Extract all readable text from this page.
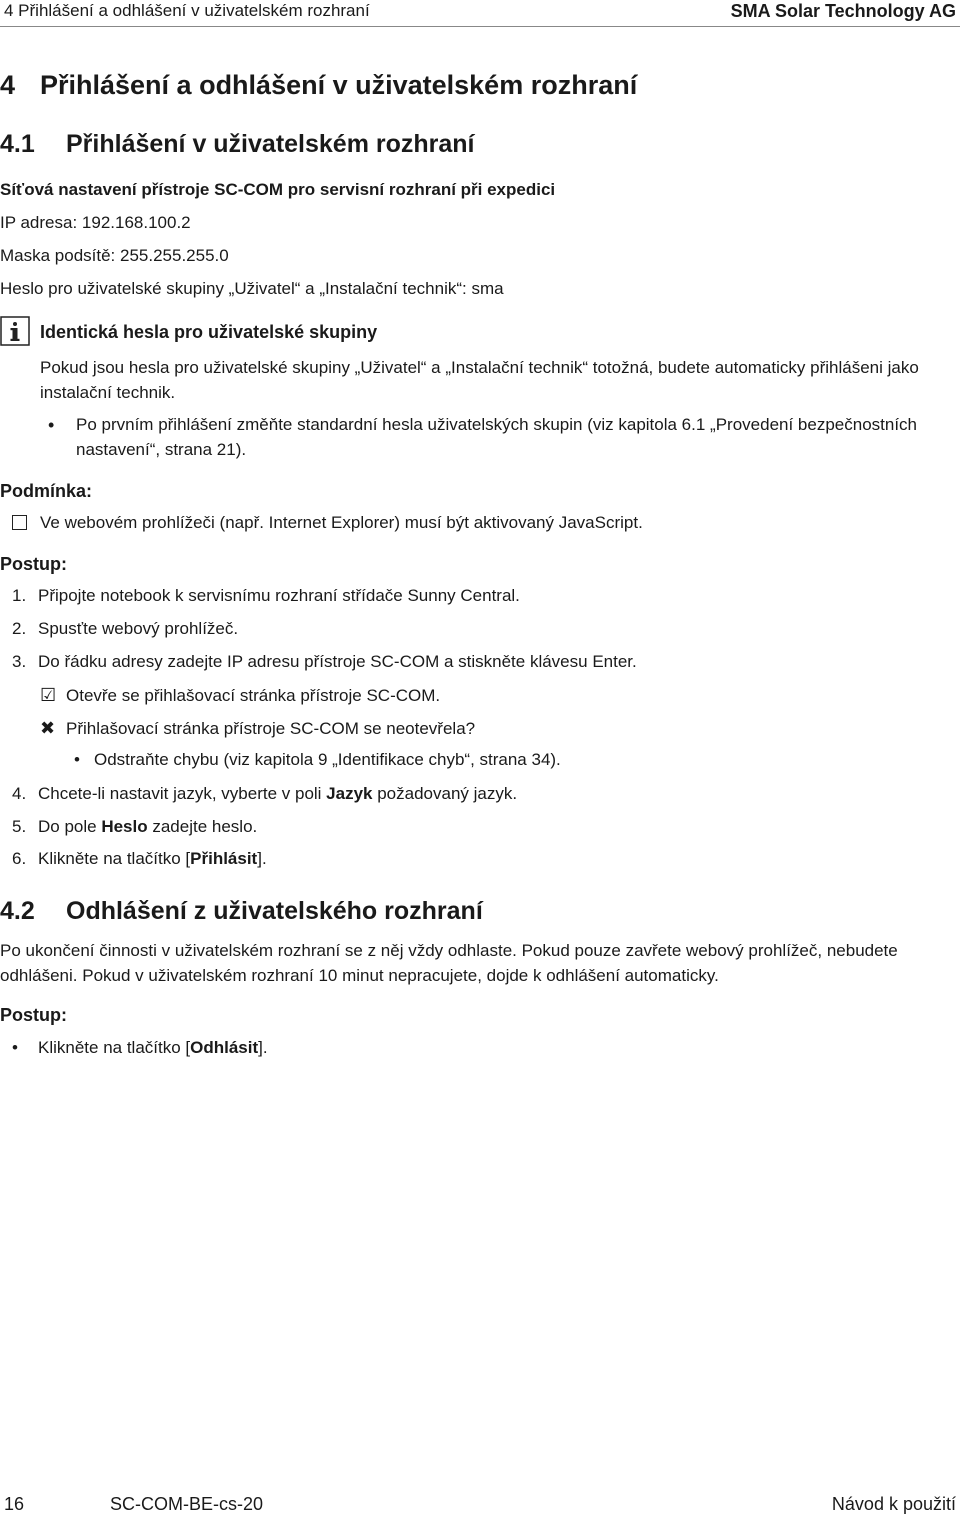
4 Přihlášení a odhlášení v uživatelském rozhraní	SMA Solar Technology AG
4 Přihlášení a odhlášení v uživatelském rozhraní
4.1 Přihlášení v uživatelském rozhraní
Síťová nastavení přístroje SC-COM pro servisní rozhraní při expedici
IP adresa: 192.168.100.2
Maska podsítě: 255.255.255.0
Heslo pro uživatelské skupiny „Uživatel“ a „Instalační technik“: sma
Identická hesla pro uživatelské skupiny
Pokud jsou hesla pro uživatelské skupiny „Uživatel“ a „Instalační technik“ totožná, budete automaticky přihlášeni jako instalační technik.
• Po prvním přihlášení změňte standardní hesla uživatelských skupin (viz kapitola 6.1 „Provedení bezpečnostních nastavení“, strana 21).
Podmínka:
Ve webovém prohlížeči (např. Internet Explorer) musí být aktivovaný JavaScript.
Postup:
1. Připojte notebook k servisnímu rozhraní střídače Sunny Central.
2. Spusťte webový prohlížeč.
3. Do řádku adresy zadejte IP adresu přístroje SC-COM a stiskněte klávesu Enter.
☑ Otevře se přihlašovací stránka přístroje SC-COM.
✖ Přihlašovací stránka přístroje SC-COM se neotevřela?
• Odstraňte chybu (viz kapitola 9 „Identifikace chyb“, strana 34).
4. Chcete-li nastavit jazyk, vyberte v poli Jazyk požadovaný jazyk.
5. Do pole Heslo zadejte heslo.
6. Klikněte na tlačítko [Přihlásit].
4.2 Odhlášení z uživatelského rozhraní
Po ukončení činnosti v uživatelském rozhraní se z něj vždy odhlaste. Pokud pouze zavřete webový prohlížeč, nebudete odhlášeni. Pokud v uživatelském rozhraní 10 minut nepracujete, dojde k odhlášení automaticky.
Postup:
• Klikněte na tlačítko [Odhlásit].
16	SC-COM-BE-cs-20	Návod k použití
